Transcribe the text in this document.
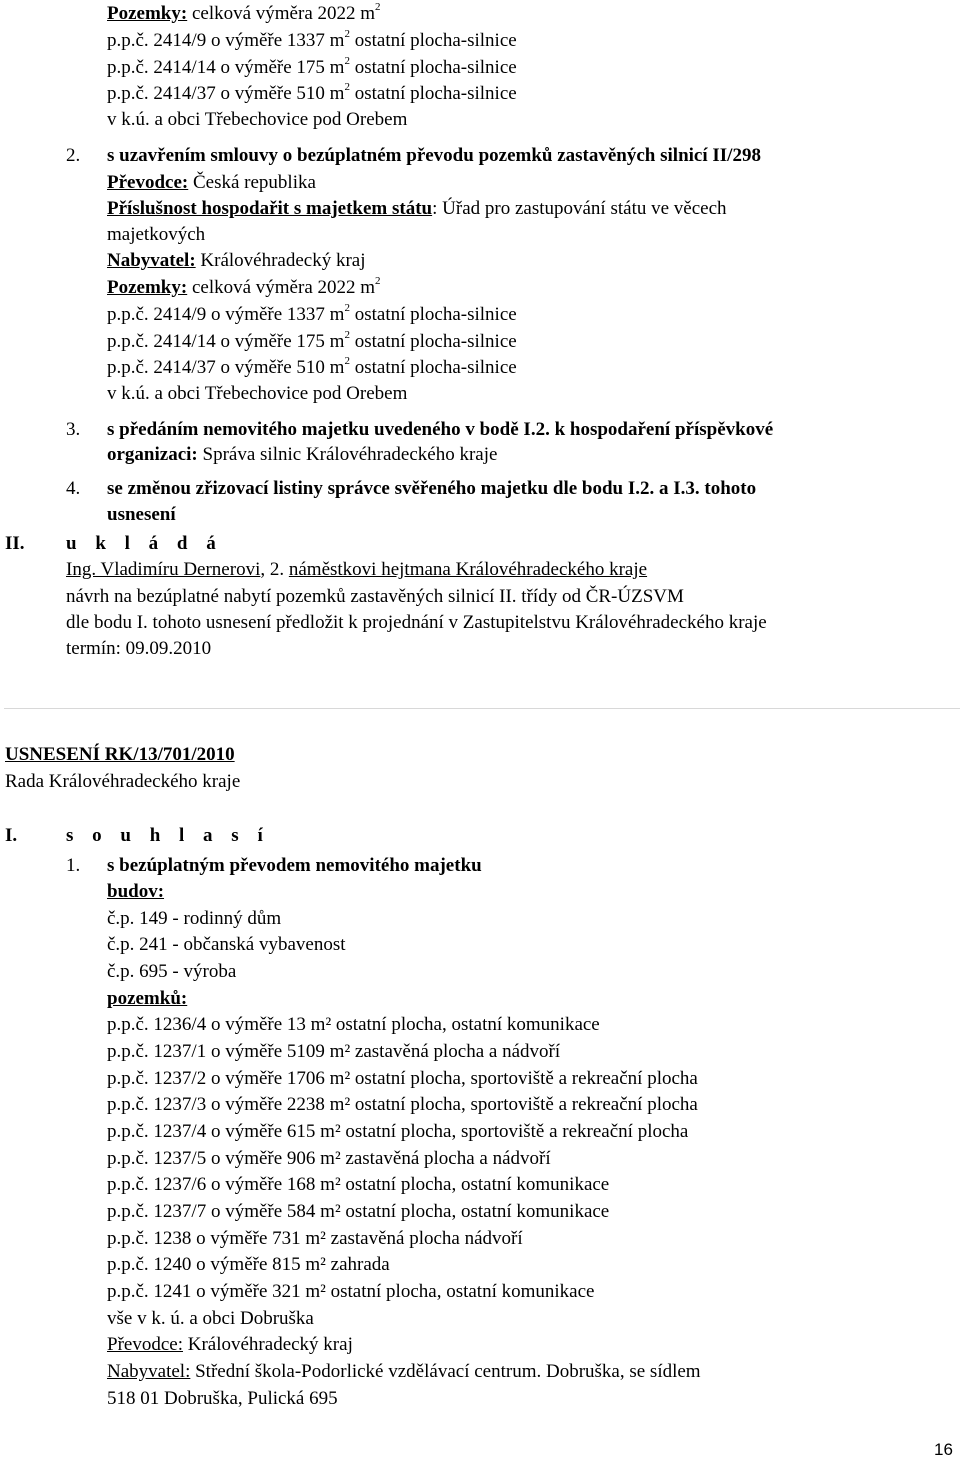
Pozemky: celková výměra 2022 $m^2$
p.p.č. 2414/9 o výměře 1337 $m^2$ ostatní plocha-silnice
p.p.č. 2414/14 o výměře 175 $m^2$ ostatní plocha-silnice
p.p.č. 2414/37 o výměře 510 $m^2$ ostatní plocha-silnice
v k.ú. a obci Třebechovice pod Orebem
2. s uzavřením smlouvy o bezúplatném převodu pozemků zastavěných silnicí II/298
Převodce: Česká republika
Příslušnost hospodařit s majetkem státu: Úřad pro zastupování státu ve věcech
majetkových
Nabyvatel: Královéhradecký kraj
Pozemky: celková výměra 2022 $m^2$
p.p.č. 2414/9 o výměře 1337 $m^2$ ostatní plocha-silnice
p.p.č. 2414/14 o výměře 175 $m^2$ ostatní plocha-silnice
p.p.č. 2414/37 o výměře 510 $m^2$ ostatní plocha-silnice
v k.ú. a obci Třebechovice pod Orebem
3. s předáním nemovitého majetku uvedeného v bodě I.2. k hospodaření příspěvkové
organizaci: Správa silnic Královéhradeckého kraje
4. se změnou zřizovací listiny správce svěřeného majetku dle bodu I.2. a I.3. tohoto
usnesení
II. u k l á d á
Ing. Vladimíru Dernerovi, 2. náměstkovi hejtmana Královéhradeckého kraje
návrh na bezúplatné nabytí pozemků zastavěných silnicí II. třídy od ČR-ÚZSVM
dle bodu I. tohoto usnesení předložit k projednání v Zastupitelstvu Královéhradeckého kraje
termín: 09.09.2010
USNESENÍ RK/13/701/2010
Rada Královéhradeckého kraje
I.	s o u h l a s í
1. s bezúplatným převodem nemovitého majetku
budov:
č.p. 149 - rodinný dům
č.p. 241 - občanská vybavenost
č.p. 695 - výroba
pozemků:
p.p.č. 1236/4 o výměře 13 m² ostatní plocha, ostatní komunikace
p.p.č. 1237/1 o výměře 5109 m² zastavěná plocha a nádvoří
p.p.č. 1237/2 o výměře 1706 m² ostatní plocha, sportoviště a rekreační plocha
p.p.č. 1237/3 o výměře 2238 m² ostatní plocha, sportoviště a rekreační plocha
p.p.č. 1237/4 o výměře 615 m² ostatní plocha, sportoviště a rekreační plocha
p.p.č. 1237/5 o výměře 906 m² zastavěná plocha a nádvoří
p.p.č. 1237/6 o výměře 168 m² ostatní plocha, ostatní komunikace
p.p.č. 1237/7 o výměře 584 m² ostatní plocha, ostatní komunikace
p.p.č. 1238 o výměře 731 m² zastavěná plocha nádvoří
p.p.č. 1240 o výměře 815 m² zahrada
p.p.č. 1241 o výměře 321 m² ostatní plocha, ostatní komunikace
vše v k. ú. a obci Dobruška
Převodce: Královéhradecký kraj
Nabyvatel: Střední škola-Podorlické vzdělávací centrum. Dobruška, se sídlem
518 01 Dobruška, Pulická 695
16
